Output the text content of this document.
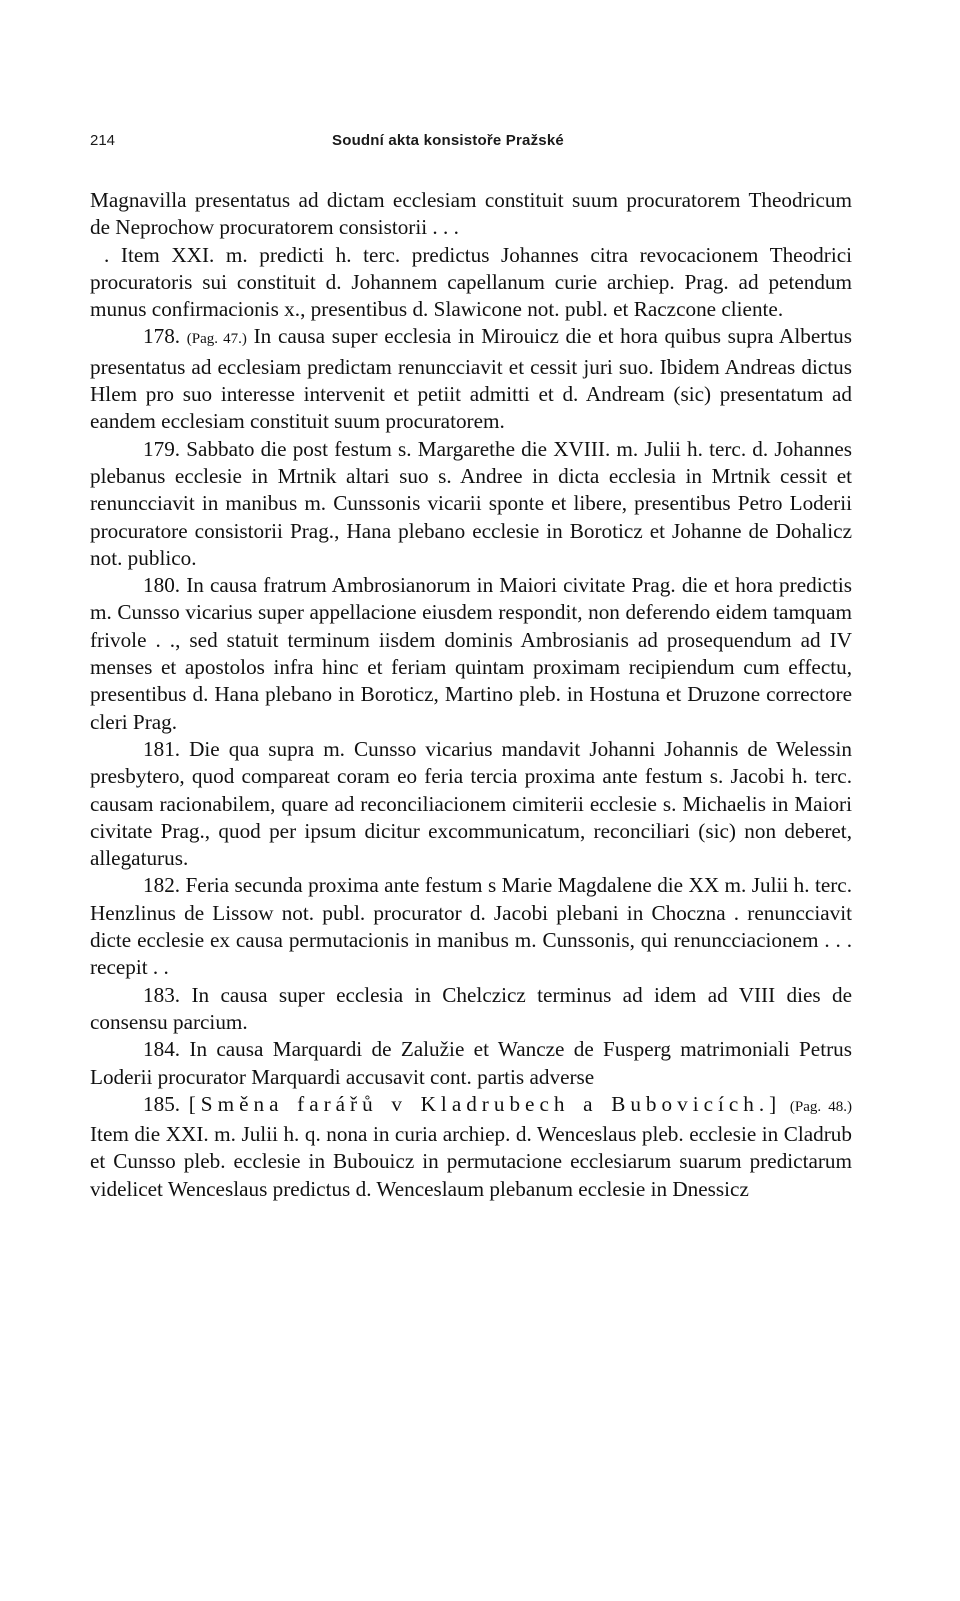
214	Soudní akta konsistoře Pražské

Magnavilla presentatus ad dictam ecclesiam constituit suum procuratorem Theodricum de Neprochow procuratorem consistorii . . .

. Item XXI. m. predicti h. terc. predictus Johannes citra revocacionem Theodrici procuratoris sui constituit d. Johannem capellanum curie archiep. Prag. ad petendum munus confirmacionis x., presentibus d. Slawicone not. publ. et Raczcone cliente.

178. (Pag. 47.) In causa super ecclesia in Mirouicz die et hora quibus supra Albertus presentatus ad ecclesiam predictam renuncciavit et cessit juri suo. Ibidem Andreas dictus Hlem pro suo interesse intervenit et petiit admitti et d. Andream (sic) presentatum ad eandem ecclesiam constituit suum procuratorem.

179. Sabbato die post festum s. Margarethe die XVIII. m. Julii h. terc. d. Johannes plebanus ecclesie in Mrtnik altari suo s. Andree in dicta ecclesia in Mrtnik cessit et renuncciavit in manibus m. Cunssonis vicarii sponte et libere, presentibus Petro Loderii procuratore consistorii Prag., Hana plebano ecclesie in Boroticz et Johanne de Dohalicz not. publico.

180. In causa fratrum Ambrosianorum in Maiori civitate Prag. die et hora predictis m. Cunsso vicarius super appellacione eiusdem respondit, non deferendo eidem tamquam frivole . ., sed statuit terminum iisdem dominis Ambrosianis ad prosequendum ad IV menses et apostolos infra hinc et feriam quintam proximam recipiendum cum effectu, presentibus d. Hana plebano in Boroticz, Martino pleb. in Hostuna et Druzone correctore cleri Prag.

181. Die qua supra m. Cunsso vicarius mandavit Johanni Johannis de Welessin presbytero, quod compareat coram eo feria tercia proxima ante festum s. Jacobi h. terc. causam racionabilem, quare ad reconciliacionem cimiterii ecclesie s. Michaelis in Maiori civitate Prag., quod per ipsum dicitur excommunicatum, reconciliari (sic) non deberet, allegaturus.

182. Feria secunda proxima ante festum s Marie Magdalene die XX m. Julii h. terc. Henzlinus de Lissow not. publ. procurator d. Jacobi plebani in Choczna . renuncciavit dicte ecclesie ex causa permutacionis in manibus m. Cunssonis, qui renuncciacionem . . . recepit . .

183. In causa super ecclesia in Chelczicz terminus ad idem ad VIII dies de consensu parcium.

184. In causa Marquardi de Zalužie et Wancze de Fusperg matrimoniali Petrus Loderii procurator Marquardi accusavit cont. partis adverse

185. [Směna farářů v Kladrubech a Bubovicích.] (Pag. 48.) Item die XXI. m. Julii h. q. nona in curia archiep. d. Wenceslaus pleb. ecclesie in Cladrub et Cunsso pleb. ecclesie in Bubouicz in permutacione ecclesiarum suarum predictarum videlicet Wenceslaus predictus d. Wenceslaum plebanum ecclesie in Dnessicz
